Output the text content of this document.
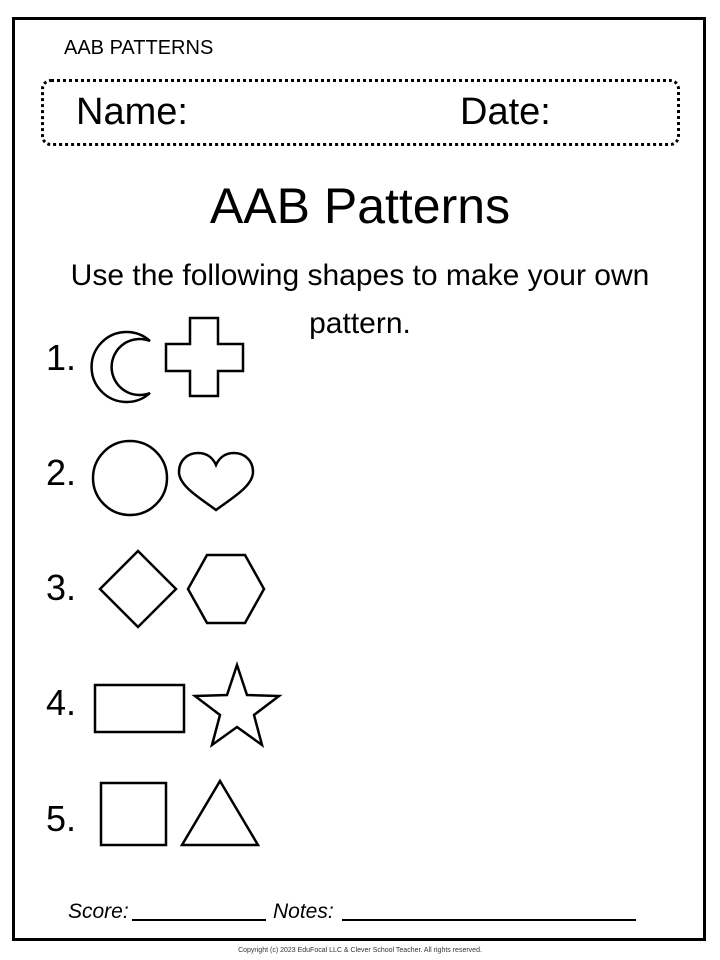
AAB PATTERNS
Name:	Date:
AAB Patterns
Use the following shapes to make your own pattern.
1.
2.
3.
4.
5.
Score:	Notes:
Copyright (c) 2023 EduFocal LLC & Clever School Teacher. All rights reserved.
